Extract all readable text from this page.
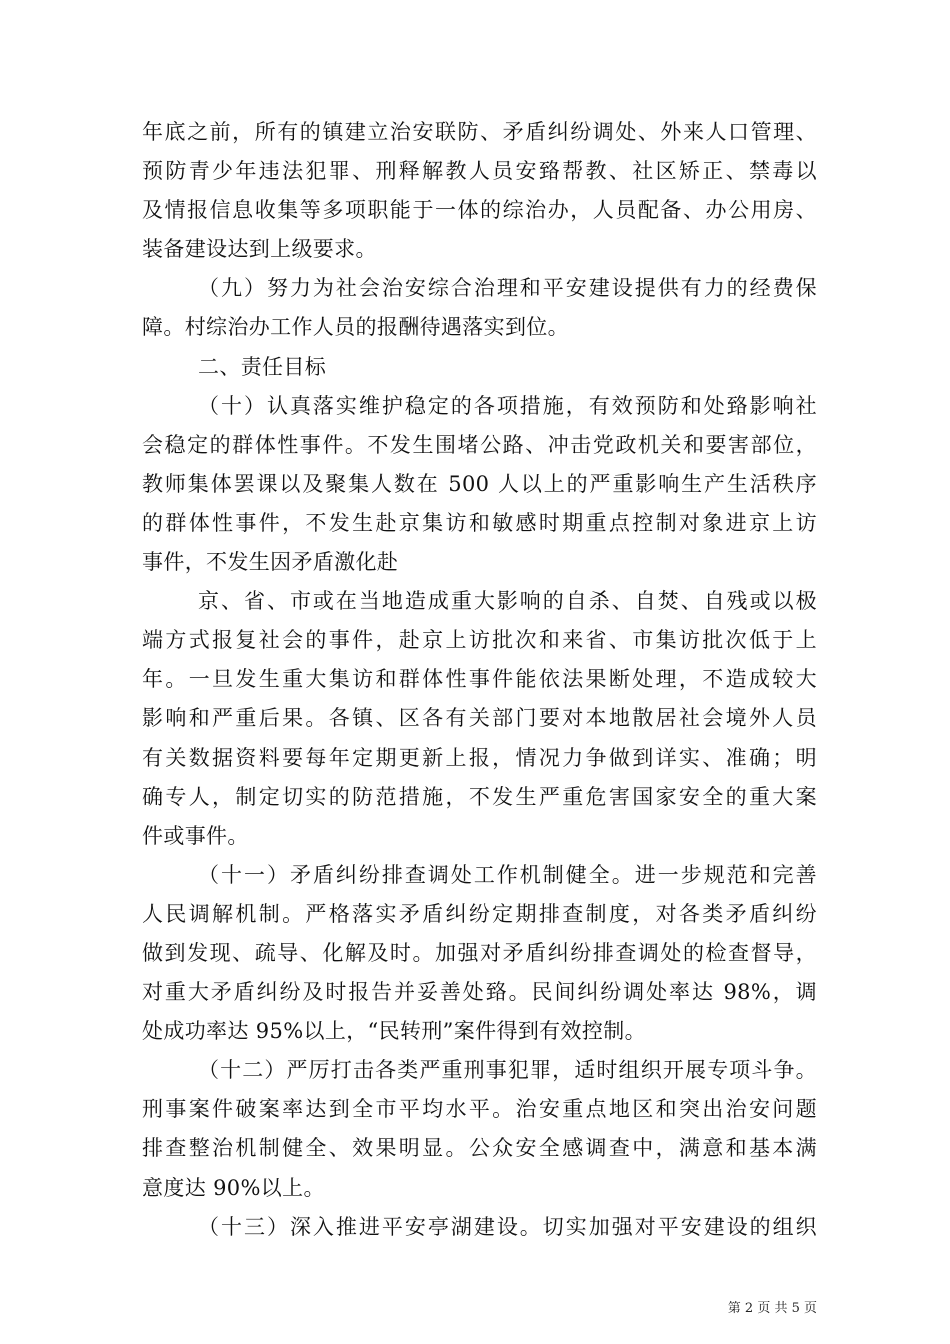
年底之前，所有的镇建立治安联防、矛盾纠纷调处、外来人口管理、
预防青少年违法犯罪、刑释解教人员安臵帮教、社区矫正、禁毒以
及情报信息收集等多项职能于一体的综治办，人员配备、办公用房、
装备建设达到上级要求。
（九）努力为社会治安综合治理和平安建设提供有力的经费保
障。村综治办工作人员的报酬待遇落实到位。
二、责任目标
（十）认真落实维护稳定的各项措施，有效预防和处臵影响社
会稳定的群体性事件。不发生围堵公路、冲击党政机关和要害部位，
教师集体罢课以及聚集人数在 500 人以上的严重影响生产生活秩序
的群体性事件，不发生赴京集访和敏感时期重点控制对象进京上访
事件，不发生因矛盾激化赴
京、省、市或在当地造成重大影响的自杀、自焚、自残或以极
端方式报复社会的事件，赴京上访批次和来省、市集访批次低于上
年。一旦发生重大集访和群体性事件能依法果断处理，不造成较大
影响和严重后果。各镇、区各有关部门要对本地散居社会境外人员
有关数据资料要每年定期更新上报，情况力争做到详实、准确；明
确专人，制定切实的防范措施，不发生严重危害国家安全的重大案
件或事件。
（十一）矛盾纠纷排查调处工作机制健全。进一步规范和完善
人民调解机制。严格落实矛盾纠纷定期排查制度，对各类矛盾纠纷
做到发现、疏导、化解及时。加强对矛盾纠纷排查调处的检查督导，
对重大矛盾纠纷及时报告并妥善处臵。民间纠纷调处率达 98%，调
处成功率达 95%以上，“民转刑”案件得到有效控制。
（十二）严厉打击各类严重刑事犯罪，适时组织开展专项斗争。
刑事案件破案率达到全市平均水平。治安重点地区和突出治安问题
排查整治机制健全、效果明显。公众安全感调查中，满意和基本满
意度达 90%以上。
（十三）深入推进平安亭湖建设。切实加强对平安建设的组织
第 2 页 共 5 页
